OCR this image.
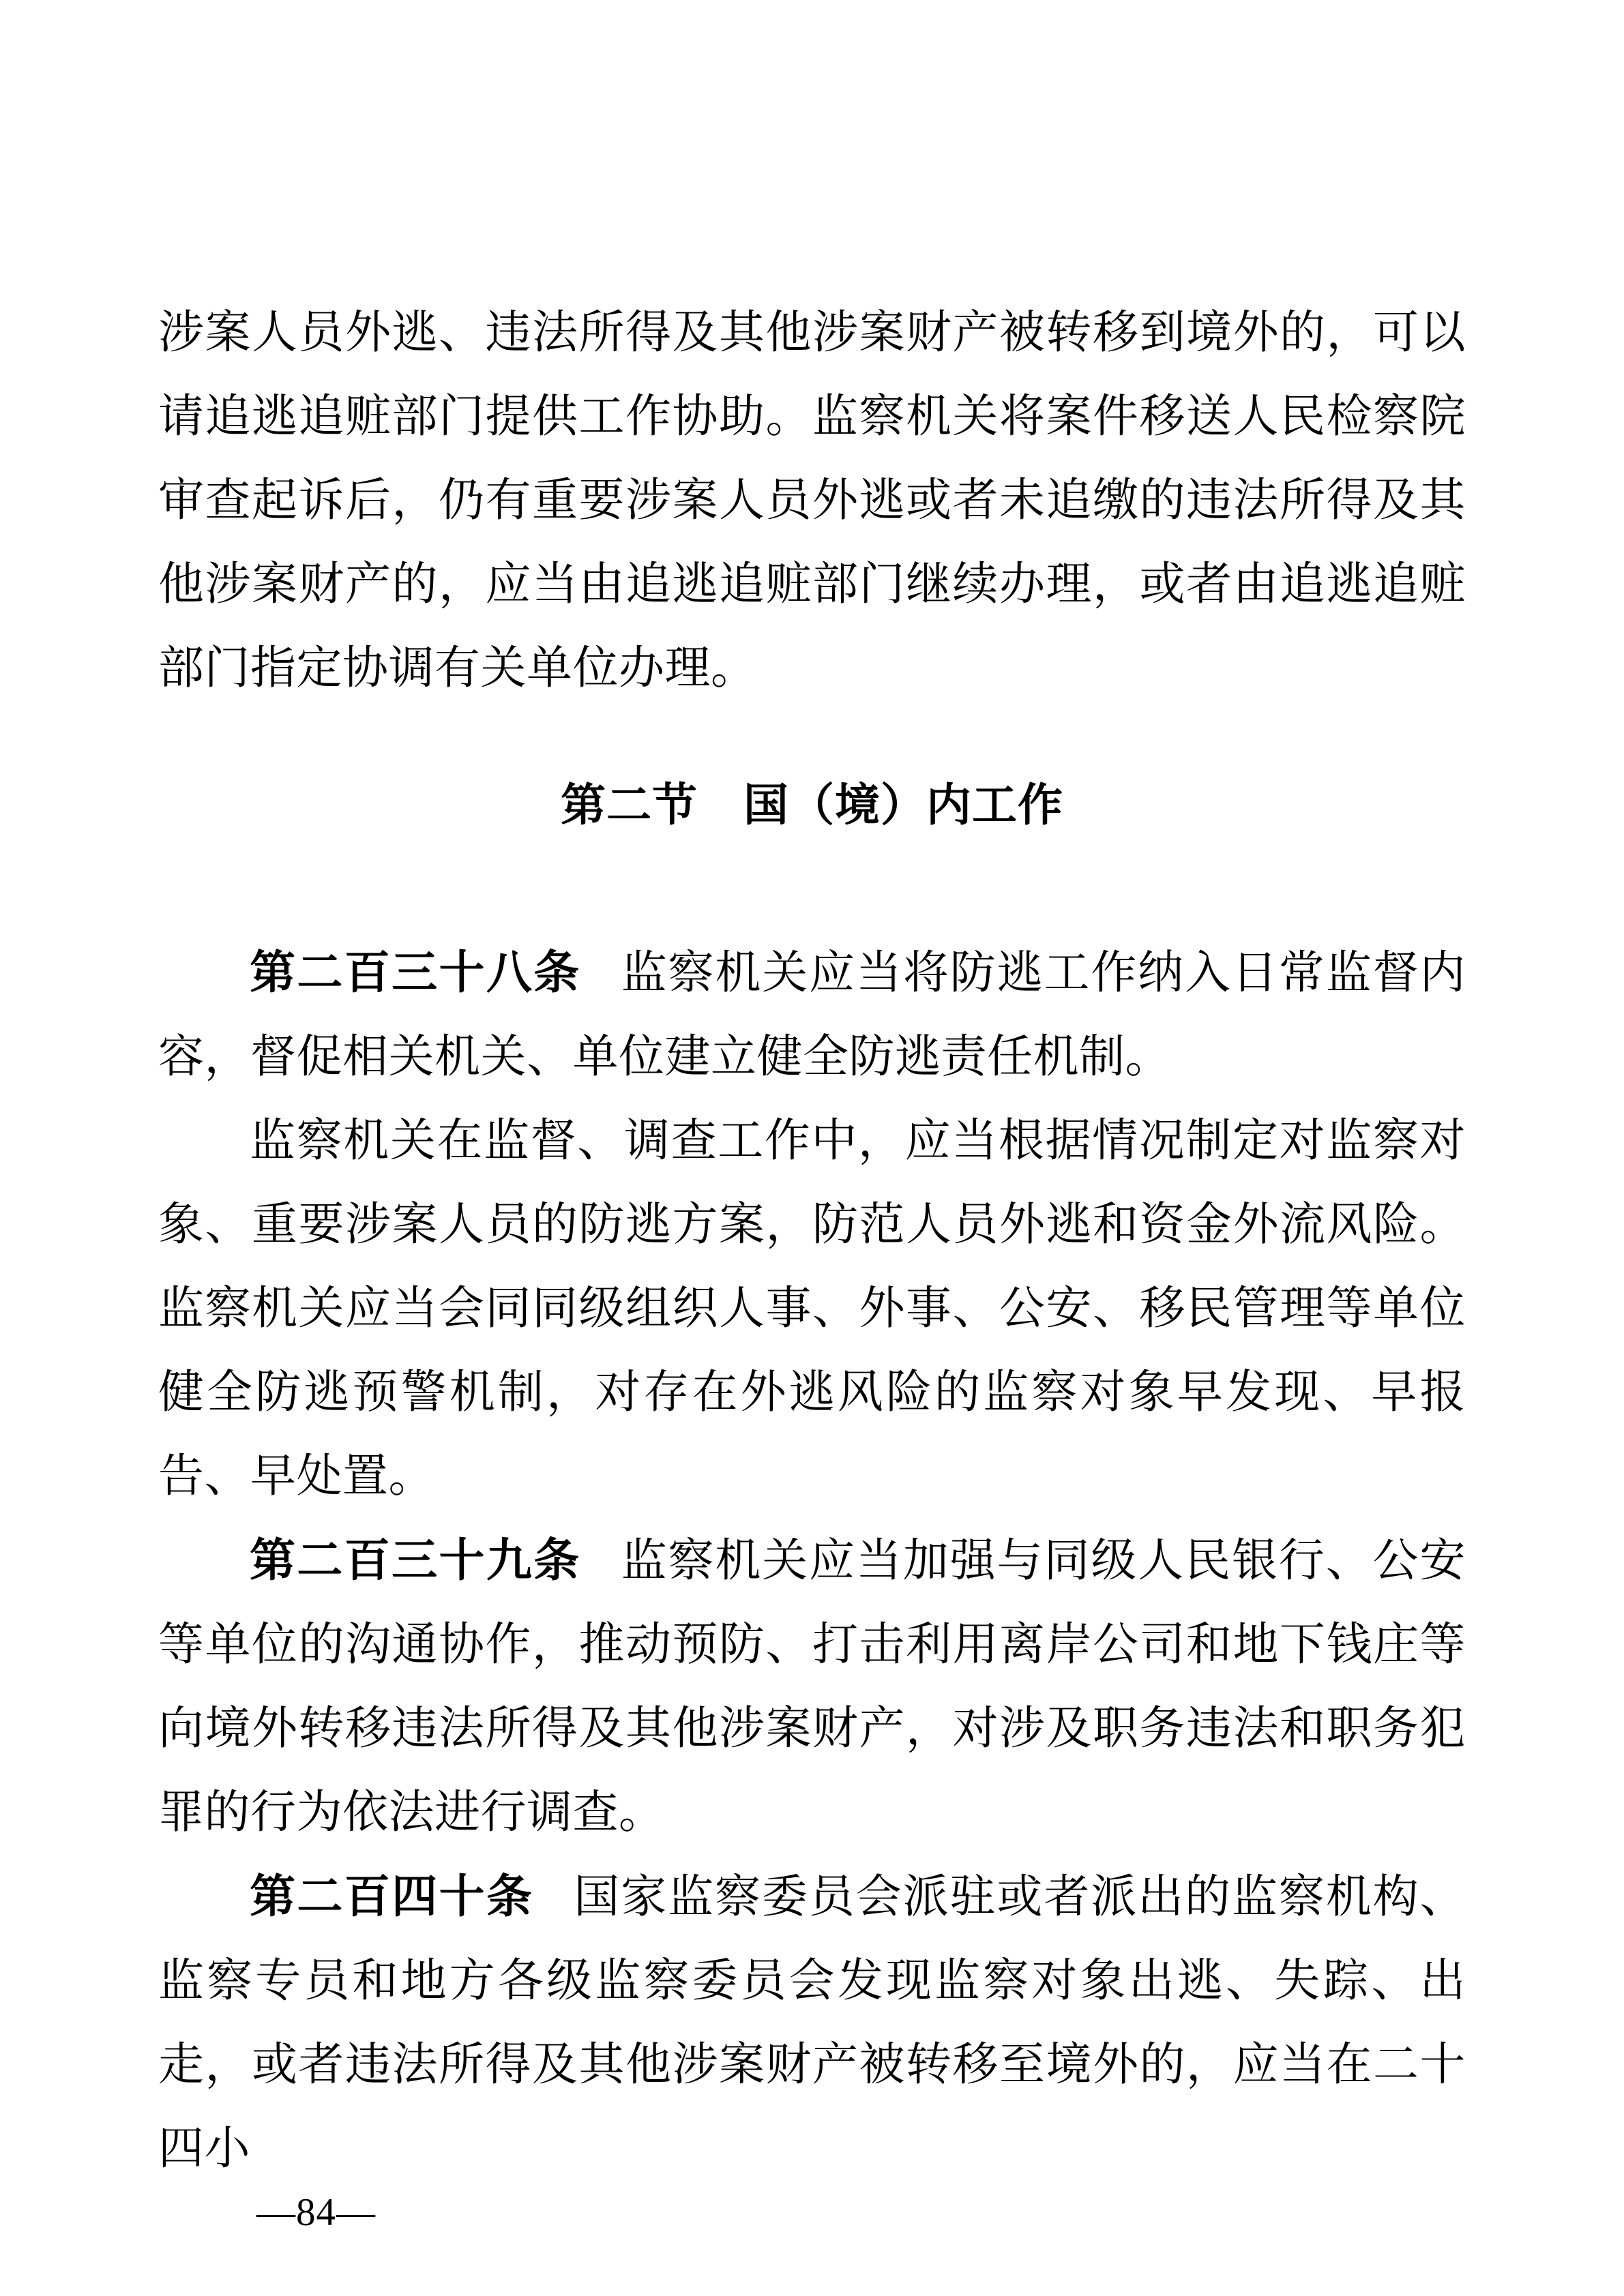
涉案人员外逃、违法所得及其他涉案财产被转移到境外的，可以请追逃追赃部门提供工作协助。监察机关将案件移送人民检察院审查起诉后，仍有重要涉案人员外逃或者未追缴的违法所得及其他涉案财产的，应当由追逃追赃部门继续办理，或者由追逃追赃部门指定协调有关单位办理。

第二节　国（境）内工作

第二百三十八条 监察机关应当将防逃工作纳入日常监督内容，督促相关机关、单位建立健全防逃责任机制。

监察机关在监督、调查工作中，应当根据情况制定对监察对象、重要涉案人员的防逃方案，防范人员外逃和资金外流风险。监察机关应当会同同级组织人事、外事、公安、移民管理等单位健全防逃预警机制，对存在外逃风险的监察对象早发现、早报告、早处置。

第二百三十九条 监察机关应当加强与同级人民银行、公安等单位的沟通协作，推动预防、打击利用离岸公司和地下钱庄等向境外转移违法所得及其他涉案财产，对涉及职务违法和职务犯罪的行为依法进行调查。

第二百四十条 国家监察委员会派驻或者派出的监察机构、监察专员和地方各级监察委员会发现监察对象出逃、失踪、出走，或者违法所得及其他涉案财产被转移至境外的，应当在二十四小

—84—
